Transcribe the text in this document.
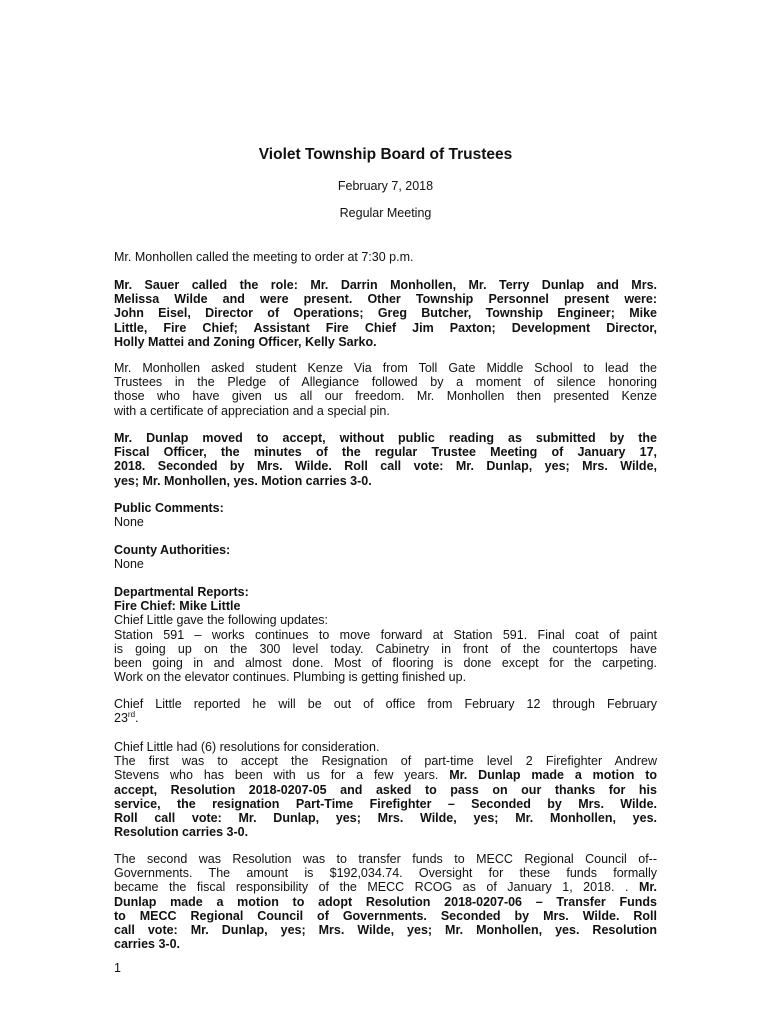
Violet Township Board of Trustees
February 7, 2018
Regular Meeting
Mr. Monhollen called the meeting to order at 7:30 p.m.
Mr. Sauer called the role: Mr. Darrin Monhollen, Mr. Terry Dunlap and Mrs.
Melissa Wilde and were present. Other Township Personnel present were:
John Eisel, Director of Operations; Greg Butcher, Township Engineer; Mike
Little, Fire Chief; Assistant Fire Chief Jim Paxton; Development Director,
Holly Mattei and Zoning Officer, Kelly Sarko.
Mr. Monhollen asked student Kenze Via from Toll Gate Middle School to lead the
Trustees in the Pledge of Allegiance followed by a moment of silence honoring
those who have given us all our freedom. Mr. Monhollen then presented Kenze
with a certificate of appreciation and a special pin.
Mr. Dunlap moved to accept, without public reading as submitted by the
Fiscal Officer, the minutes of the regular Trustee Meeting of January 17,
2018. Seconded by Mrs. Wilde. Roll call vote: Mr. Dunlap, yes; Mrs. Wilde,
yes; Mr. Monhollen, yes. Motion carries 3-0.
Public Comments:
None
County Authorities:
None
Departmental Reports:
Fire Chief: Mike Little
Chief Little gave the following updates:
Station 591 – works continues to move forward at Station 591. Final coat of paint
is going up on the 300 level today. Cabinetry in front of the countertops have
been going in and almost done. Most of flooring is done except for the carpeting.
Work on the elevator continues. Plumbing is getting finished up.
Chief Little reported he will be out of office from February 12 through February
23rd.
Chief Little had (6) resolutions for consideration.
The first was to accept the Resignation of part-time level 2 Firefighter Andrew
Stevens who has been with us for a few years. Mr. Dunlap made a motion to
accept, Resolution 2018-0207-05 and asked to pass on our thanks for his
service, the resignation Part-Time Firefighter – Seconded by Mrs. Wilde.
Roll call vote: Mr. Dunlap, yes; Mrs. Wilde, yes; Mr. Monhollen, yes.
Resolution carries 3-0.
The second was Resolution was to transfer funds to MECC Regional Council of--
Governments. The amount is $192,034.74. Oversight for these funds formally
became the fiscal responsibility of the MECC RCOG as of January 1, 2018. . Mr.
Dunlap made a motion to adopt Resolution 2018-0207-06 – Transfer Funds
to MECC Regional Council of Governments. Seconded by Mrs. Wilde. Roll
call vote: Mr. Dunlap, yes; Mrs. Wilde, yes; Mr. Monhollen, yes. Resolution
carries 3-0.
1
